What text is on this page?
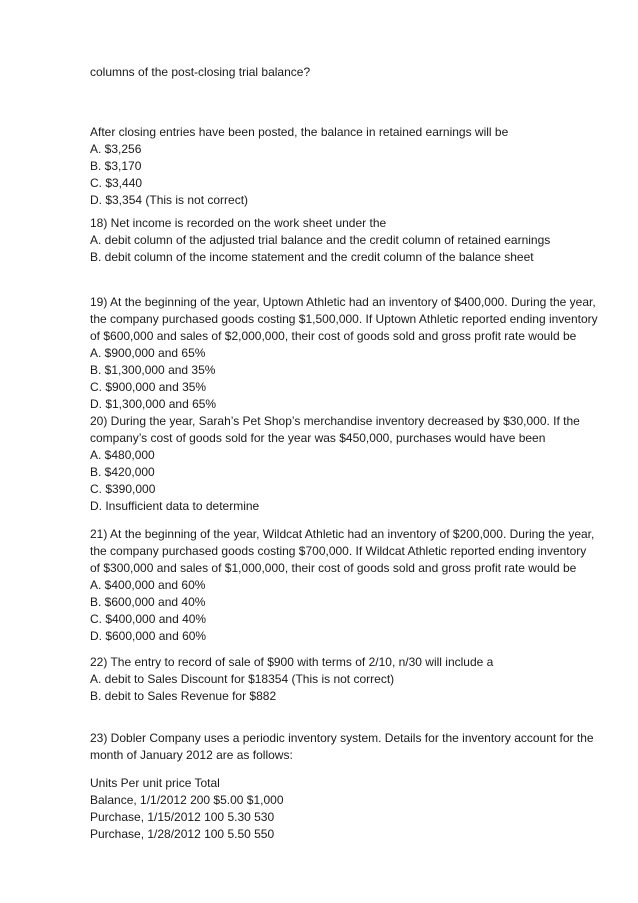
columns of the post-closing trial balance?
After closing entries have been posted, the balance in retained earnings will be
A. $3,256
B. $3,170
C. $3,440
D. $3,354 (This is not correct)
18) Net income is recorded on the work sheet under the
A. debit column of the adjusted trial balance and the credit column of retained earnings
B. debit column of the income statement and the credit column of the balance sheet
19) At the beginning of the year, Uptown Athletic had an inventory of $400,000. During the year,
the company purchased goods costing $1,500,000. If Uptown Athletic reported ending inventory
of $600,000 and sales of $2,000,000, their cost of goods sold and gross profit rate would be
A. $900,000 and 65%
B. $1,300,000 and 35%
C. $900,000 and 35%
D. $1,300,000 and 65%
20) During the year, Sarah’s Pet Shop’s merchandise inventory decreased by $30,000. If the
company’s cost of goods sold for the year was $450,000, purchases would have been
A. $480,000
B. $420,000
C. $390,000
D. Insufficient data to determine
21) At the beginning of the year, Wildcat Athletic had an inventory of $200,000. During the year,
the company purchased goods costing $700,000. If Wildcat Athletic reported ending inventory
of $300,000 and sales of $1,000,000, their cost of goods sold and gross profit rate would be
A. $400,000 and 60%
B. $600,000 and 40%
C. $400,000 and 40%
D. $600,000 and 60%
22) The entry to record of sale of $900 with terms of 2/10, n/30 will include a
A. debit to Sales Discount for $18354 (This is not correct)
B. debit to Sales Revenue for $882
23) Dobler Company uses a periodic inventory system. Details for the inventory account for the
month of January 2012 are as follows:
Units Per unit price Total
Balance, 1/1/2012 200 $5.00 $1,000
Purchase, 1/15/2012 100 5.30 530
Purchase, 1/28/2012 100 5.50 550
